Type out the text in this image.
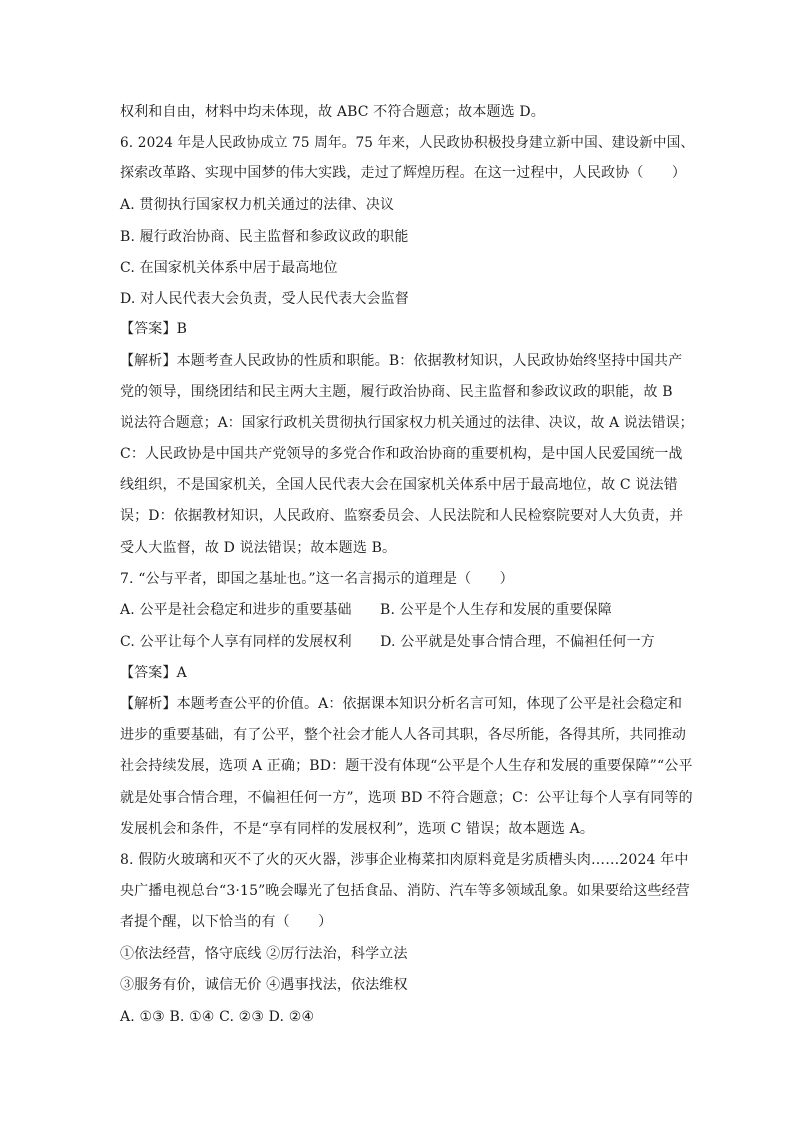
权利和自由，材料中均未体现，故 ABC 不符合题意；故本题选 D。
6. 2024 年是人民政协成立 75 周年。75 年来，人民政协积极投身建立新中国、建设新中国、
探索改革路、实现中国梦的伟大实践，走过了辉煌历程。在这一过程中，人民政协（　　）
A. 贯彻执行国家权力机关通过的法律、决议
B. 履行政治协商、民主监督和参政议政的职能
C. 在国家机关体系中居于最高地位
D. 对人民代表大会负责，受人民代表大会监督
【答案】B
【解析】本题考查人民政协的性质和职能。B：依据教材知识，人民政协始终坚持中国共产
党的领导，围绕团结和民主两大主题，履行政治协商、民主监督和参政议政的职能，故 B
说法符合题意；A：国家行政机关贯彻执行国家权力机关通过的法律、决议，故 A 说法错误；
C：人民政协是中国共产党领导的多党合作和政治协商的重要机构，是中国人民爱国统一战
线组织，不是国家机关，全国人民代表大会在国家机关体系中居于最高地位，故 C 说法错
误；D：依据教材知识，人民政府、监察委员会、人民法院和人民检察院要对人大负责，并
受人大监督，故 D 说法错误；故本题选 B。
7. “公与平者，即国之基址也。”这一名言揭示的道理是（　　）
A. 公平是社会稳定和进步的重要基础　　B. 公平是个人生存和发展的重要保障
C. 公平让每个人享有同样的发展权利　　D. 公平就是处事合情合理，不偏袒任何一方
【答案】A
【解析】本题考查公平的价值。A：依据课本知识分析名言可知，体现了公平是社会稳定和
进步的重要基础，有了公平，整个社会才能人人各司其职，各尽所能，各得其所，共同推动
社会持续发展，选项 A 正确；BD：题干没有体现“公平是个人生存和发展的重要保障”“公平
就是处事合情合理，不偏袒任何一方”，选项 BD 不符合题意；C：公平让每个人享有同等的
发展机会和条件，不是“享有同样的发展权利”，选项 C 错误；故本题选 A。
8. 假防火玻璃和灭不了火的灭火器，涉事企业梅菜扣肉原料竟是劣质槽头肉……2024 年中
央广播电视总台“3·15”晚会曝光了包括食品、消防、汽车等多领域乱象。如果要给这些经营
者提个醒，以下恰当的有（　　）
①依法经营，恪守底线 ②厉行法治，科学立法
③服务有价，诚信无价 ④遇事找法，依法维权
A. ①③ B. ①④ C. ②③ D. ②④
